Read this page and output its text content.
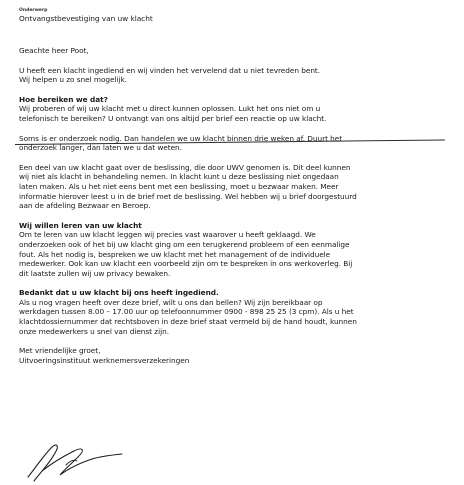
Onderwerp
Ontvangstbevestiging van uw klacht
Geachte heer Poot,
U heeft een klacht ingediend en wij vinden het vervelend dat u niet tevreden bent.
Wij helpen u zo snel mogelijk.
Hoe bereiken we dat?
Wij proberen of wij uw klacht met u direct kunnen oplossen. Lukt het ons niet om u
telefonisch te bereiken? U ontvangt van ons altijd per brief een reactie op uw klacht.
Soms is er onderzoek nodig. Dan handelen we uw klacht binnen drie weken af. Duurt het
onderzoek langer, dan laten we u dat weten.
Een deel van uw klacht gaat over de beslissing, die door UWV genomen is. Dit deel kunnen
wij niet als klacht in behandeling nemen. In klacht kunt u deze beslissing niet ongedaan
laten maken. Als u het niet eens bent met een beslissing, moet u bezwaar maken. Meer
informatie hierover leest u in de brief met de beslissing. Wel hebben wij u brief doorgestuurd
aan de afdeling Bezwaar en Beroep.
Wij willen leren van uw klacht
Om te leren van uw klacht leggen wij precies vast waarover u heeft geklaagd. We
onderzoeken ook of het bij uw klacht ging om een terugkerend probleem of een eenmalige
fout. Als het nodig is, bespreken we uw klacht met het management of de individuele
medewerker. Ook kan uw klacht een voorbeeld zijn om te bespreken in ons werkoverleg. Bij
dit laatste zullen wij uw privacy bewaken.
Bedankt dat u uw klacht bij ons heeft ingediend.
Als u nog vragen heeft over deze brief, wilt u ons dan bellen? Wij zijn bereikbaar op
werkdagen tussen 8.00 – 17.00 uur op telefoonnummer 0900 - 898 25 25 (3 cpm). Als u het
klachtdossiernummer dat rechtsboven in deze brief staat vermeld bij de hand houdt, kunnen
onze medewerkers u snel van dienst zijn.
Met vriendelijke groet,
Uitvoeringsinstituut werknemersverzekeringen
